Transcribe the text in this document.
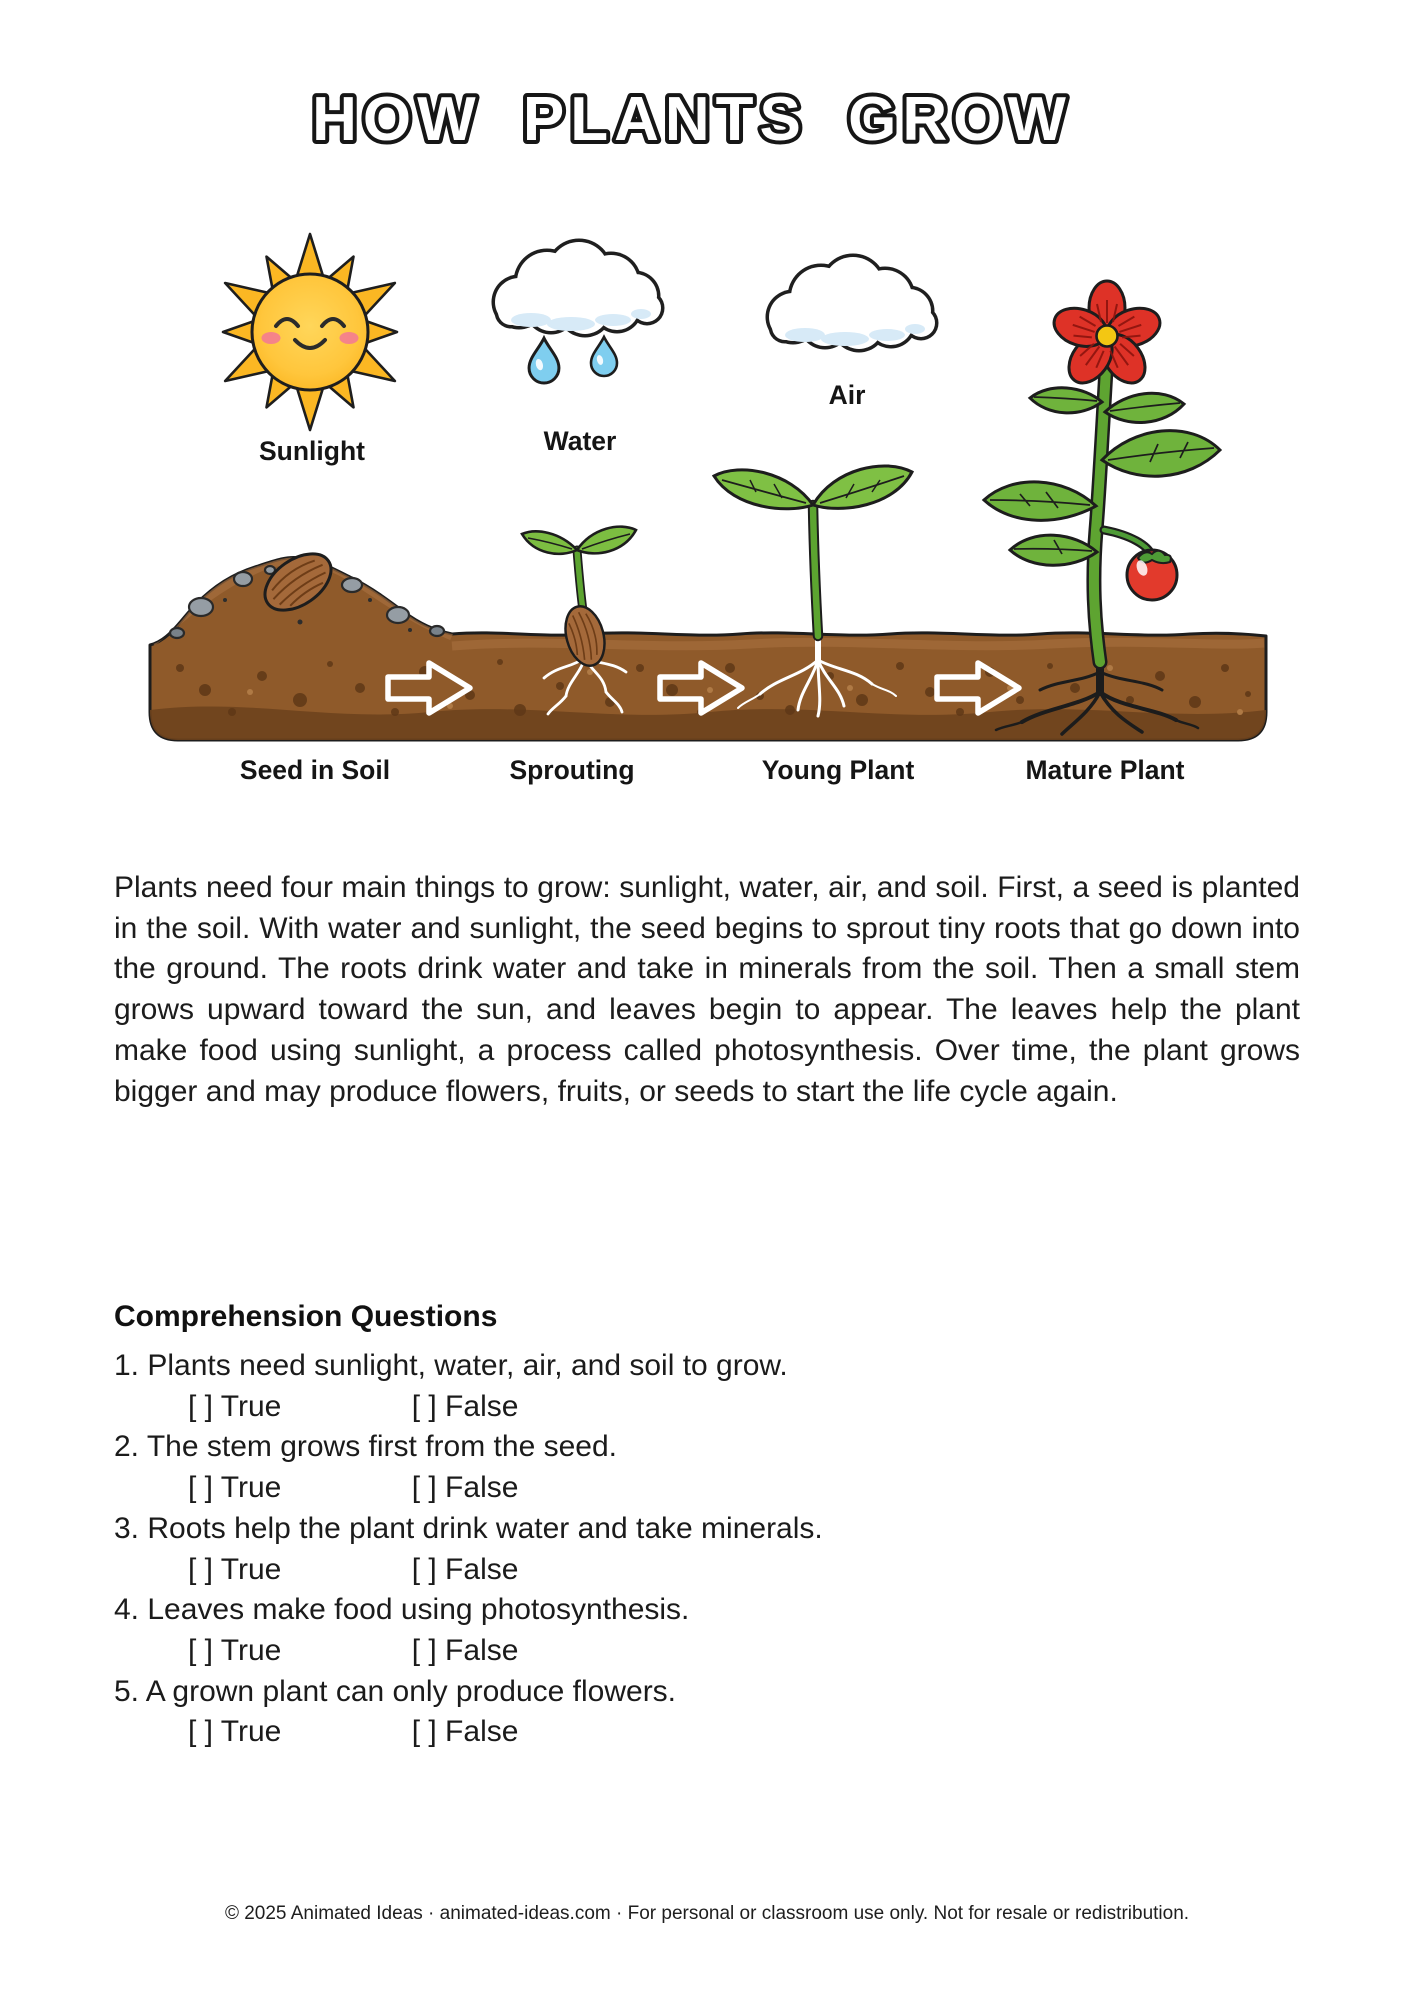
HOW PLANTS GROW
Sunlight	Water
Air
Seed in Soil	Sprouting	Young Plant	Mature Plant

Plants need four main things to grow: sunlight, water, air, and soil. First, a seed is planted in the soil. With water and sunlight, the seed begins to sprout tiny roots that go down into the ground. The roots drink water and take in minerals from the soil. Then a small stem grows upward toward the sun, and leaves begin to appear. The leaves help the plant make food using sunlight, a process called photosynthesis. Over time, the plant grows bigger and may produce flowers, fruits, or seeds to start the life cycle again.

Comprehension Questions
1. Plants need sunlight, water, air, and soil to grow.
[ ] True	[ ] False
2. The stem grows first from the seed.
[ ] True	[ ] False
3. Roots help the plant drink water and take minerals.
[ ] True	[ ] False
4. Leaves make food using photosynthesis.
[ ] True	[ ] False
5. A grown plant can only produce flowers.
[ ] True	[ ] False
© 2025 Animated Ideas · animated-ideas.com · For personal or classroom use only. Not for resale or redistribution.
